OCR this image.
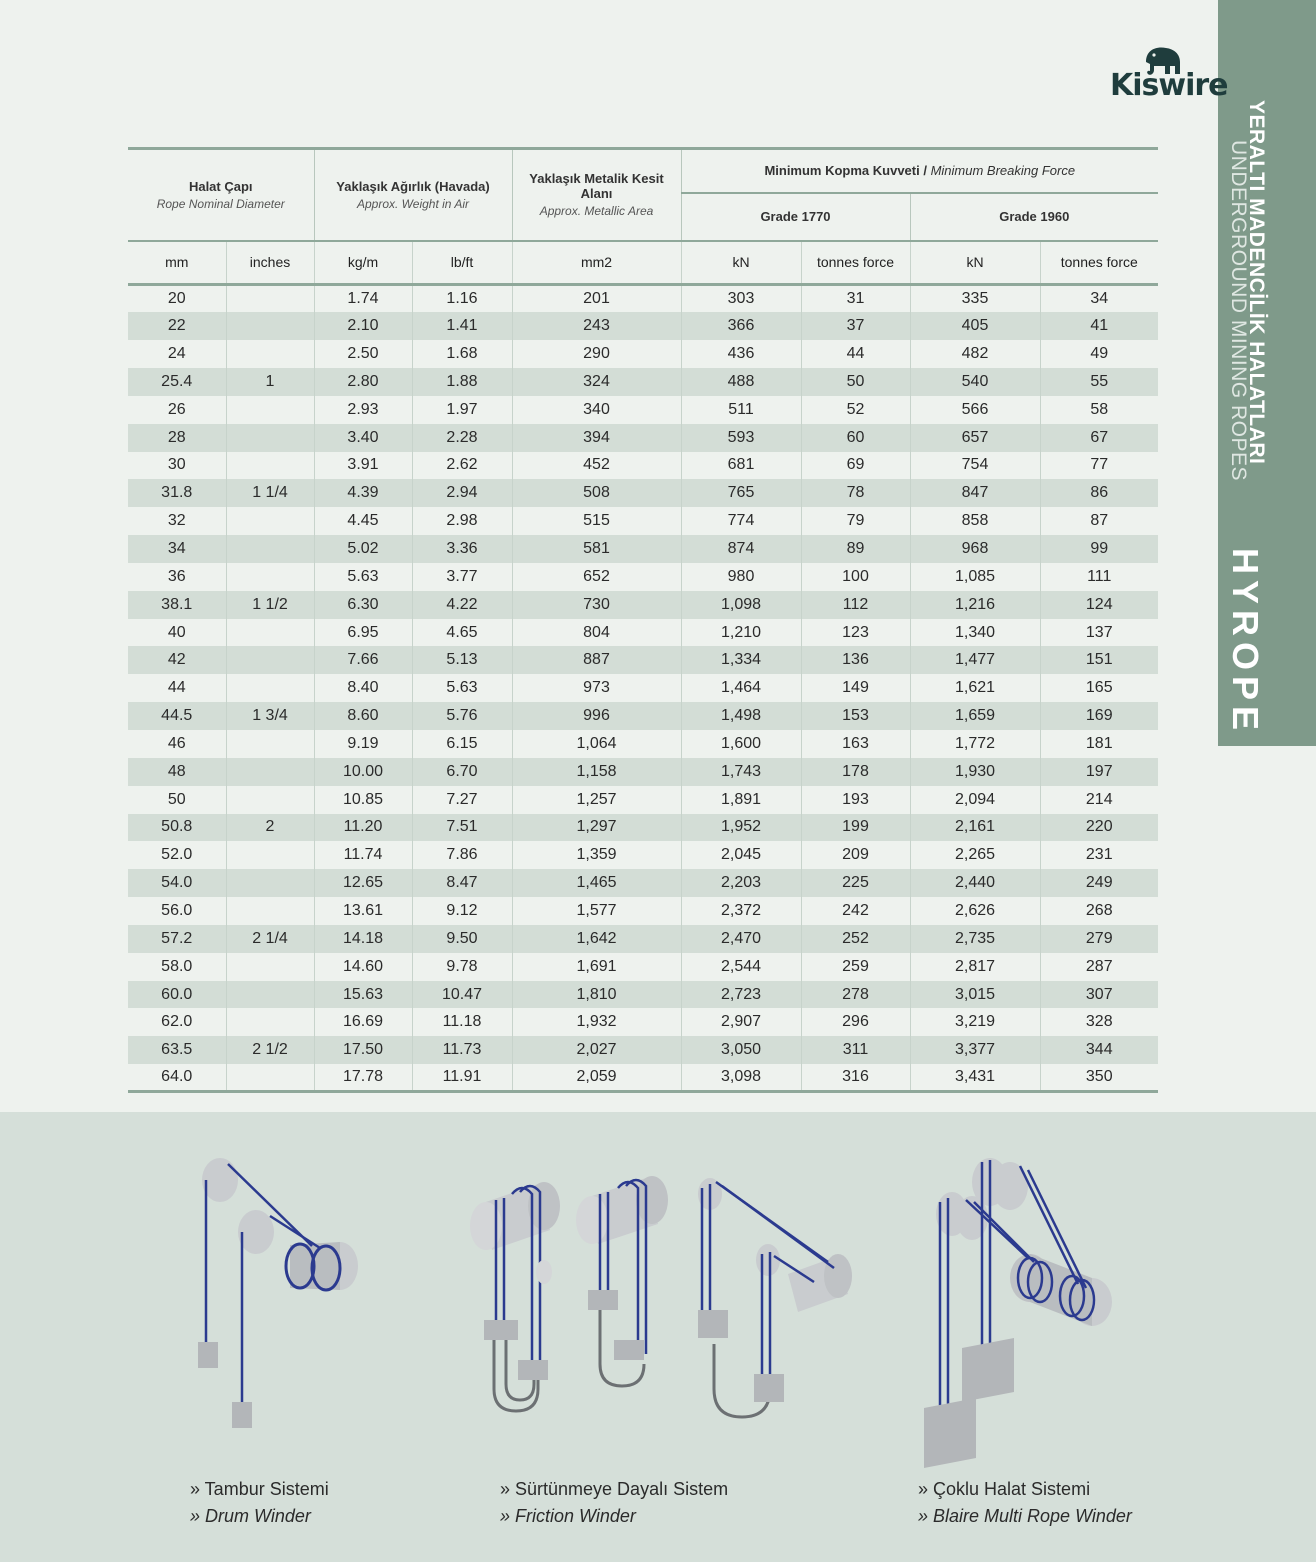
YERALTI MADENCİLİK HALATLARI
UNDERGROUND MINING ROPES
HYROPE
Kiswire
Halat Çapı
Rope Nominal Diameter		Yaklaşık Ağırlık (Havada)
Approx. Weight in Air		Yaklaşık Metalik Kesit Alanı
Approx. Metallic Area	Minimum Kopma Kuvveti / Minimum Breaking Force			
					Grade 1770		Grade 1960	
mm	inches	kg/m	lb/ft	mm2	kN	tonnes force	kN	tonnes force
20		1.74	1.16	201	303	31	335	34
22		2.10	1.41	243	366	37	405	41
24		2.50	1.68	290	436	44	482	49
25.4	1	2.80	1.88	324	488	50	540	55
26		2.93	1.97	340	511	52	566	58
28		3.40	2.28	394	593	60	657	67
30		3.91	2.62	452	681	69	754	77
31.8	1 1/4	4.39	2.94	508	765	78	847	86
32		4.45	2.98	515	774	79	858	87
34		5.02	3.36	581	874	89	968	99
36		5.63	3.77	652	980	100	1,085	111
38.1	1 1/2	6.30	4.22	730	1,098	112	1,216	124
40		6.95	4.65	804	1,210	123	1,340	137
42		7.66	5.13	887	1,334	136	1,477	151
44		8.40	5.63	973	1,464	149	1,621	165
44.5	1 3/4	8.60	5.76	996	1,498	153	1,659	169
46		9.19	6.15	1,064	1,600	163	1,772	181
48		10.00	6.70	1,158	1,743	178	1,930	197
50		10.85	7.27	1,257	1,891	193	2,094	214
50.8	2	11.20	7.51	1,297	1,952	199	2,161	220
52.0		11.74	7.86	1,359	2,045	209	2,265	231
54.0		12.65	8.47	1,465	2,203	225	2,440	249
56.0		13.61	9.12	1,577	2,372	242	2,626	268
57.2	2 1/4	14.18	9.50	1,642	2,470	252	2,735	279
58.0		14.60	9.78	1,691	2,544	259	2,817	287
60.0		15.63	10.47	1,810	2,723	278	3,015	307
62.0		16.69	11.18	1,932	2,907	296	3,219	328
63.5	2 1/2	17.50	11.73	2,027	3,050	311	3,377	344
64.0		17.78	11.91	2,059	3,098	316	3,431	350
» Tambur Sistemi
» Drum Winder
» Sürtünmeye Dayalı Sistem
» Friction Winder
» Çoklu Halat Sistemi
» Blaire Multi Rope Winder
